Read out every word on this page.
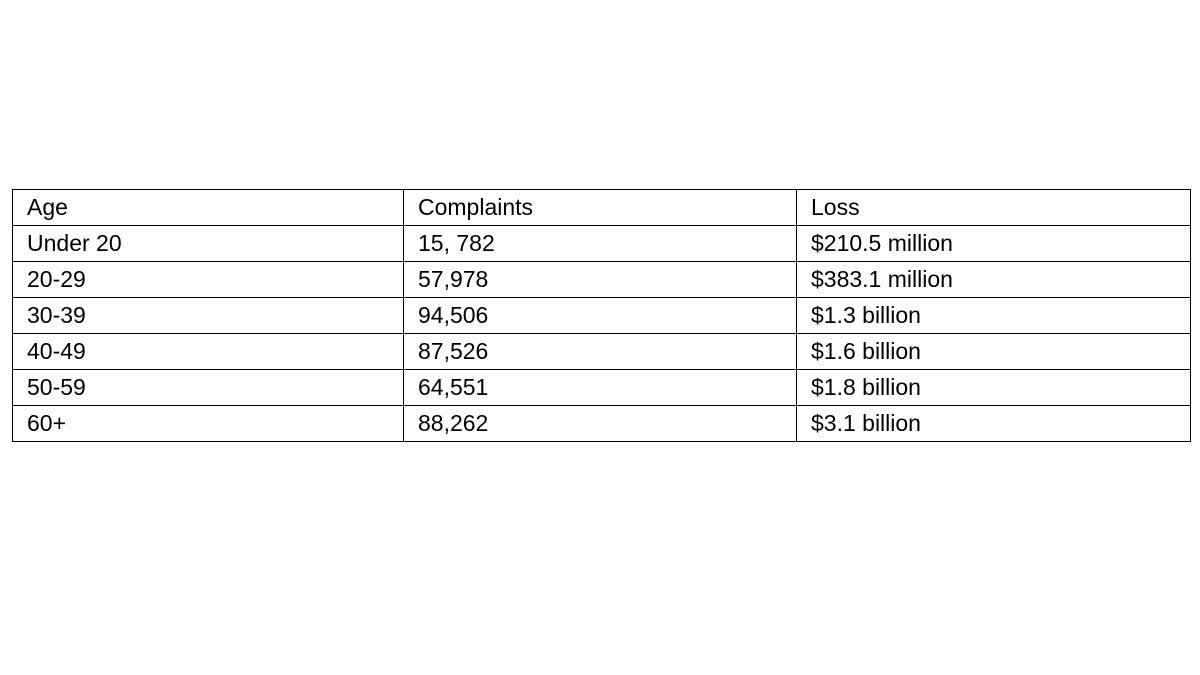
Age	Complaints	Loss
Under 20	15, 782	$210.5 million
20-29	57,978	$383.1 million
30-39	94,506	$1.3 billion
40-49	87,526	$1.6 billion
50-59	64,551	$1.8 billion
60+	88,262	$3.1 billion
